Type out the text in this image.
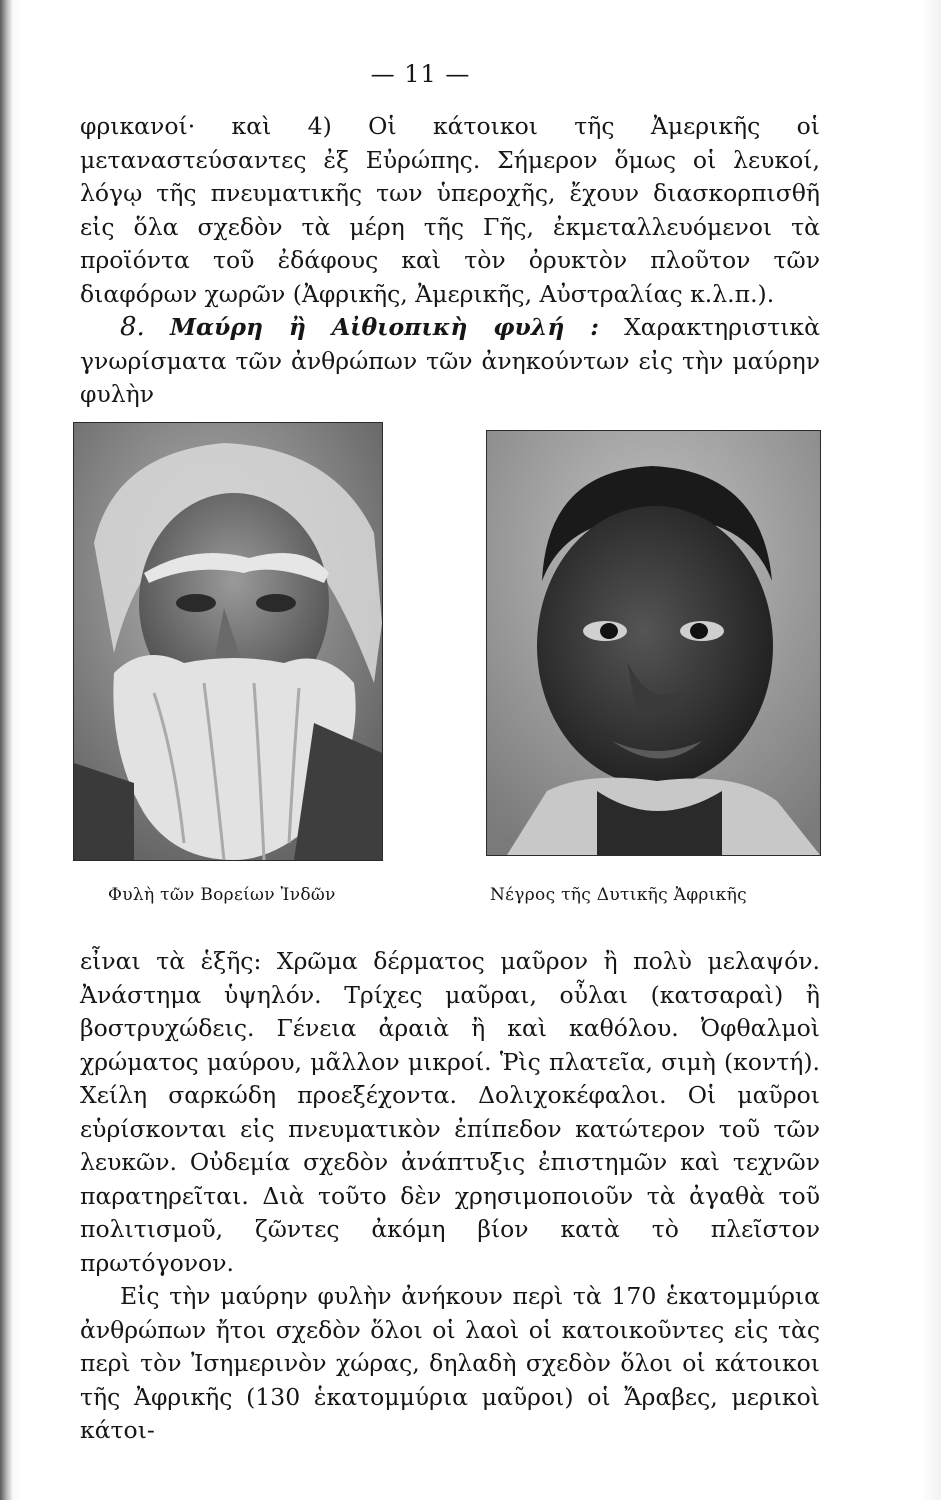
— 11 —

φρικανοί· καὶ 4) Οἱ κάτοικοι τῆς Ἀμερικῆς οἱ μεταναστεύσαντες ἐξ Εὐρώπης. Σήμερον ὅμως οἱ λευκοί, λόγῳ τῆς πνευματικῆς των ὑπεροχῆς, ἔχουν διασκορπισθῆ εἰς ὅλα σχεδὸν τὰ μέρη τῆς Γῆς, ἐκμεταλλευόμενοι τὰ προϊόντα τοῦ ἐδάφους καὶ τὸν ὀρυκτὸν πλοῦτον τῶν διαφόρων χωρῶν (Ἀφρικῆς, Ἀμερικῆς, Αὐστραλίας κ.λ.π.).

8. Μαύρη ἢ Αἰθιοπικὴ φυλή : Χαρακτηριστικὰ γνωρίσματα τῶν ἀνθρώπων τῶν ἀνηκούντων εἰς τὴν μαύρην φυλὴν

Φυλὴ τῶν Βορείων Ἰνδῶν	Νέγρος τῆς Δυτικῆς Ἀφρικῆς

εἶναι τὰ ἑξῆς: Χρῶμα δέρματος μαῦρον ἢ πολὺ μελαψόν. Ἀνάστημα ὑψηλόν. Τρίχες μαῦραι, οὖλαι (κατσαραὶ) ἢ βοστρυχώδεις. Γένεια ἀραιὰ ἢ καὶ καθόλου. Ὀφθαλμοὶ χρώματος μαύρου, μᾶλλον μικροί. Ῥὶς πλατεῖα, σιμὴ (κοντή). Χείλη σαρκώδη προεξέχοντα. Δολιχοκέφαλοι. Οἱ μαῦροι εὑρίσκονται εἰς πνευματικὸν ἐπίπεδον κατώτερον τοῦ τῶν λευκῶν. Οὐδεμία σχεδὸν ἀνάπτυξις ἐπιστημῶν καὶ τεχνῶν παρατηρεῖται. Διὰ τοῦτο δὲν χρησιμοποιοῦν τὰ ἀγαθὰ τοῦ πολιτισμοῦ, ζῶντες ἀκόμη βίον κατὰ τὸ πλεῖστον πρωτόγονον.

Εἰς τὴν μαύρην φυλὴν ἀνήκουν περὶ τὰ 170 ἑκατομμύρια ἀνθρώπων ἤτοι σχεδὸν ὅλοι οἱ λαοὶ οἱ κατοικοῦντες εἰς τὰς περὶ τὸν Ἰσημερινὸν χώρας, δηλαδὴ σχεδὸν ὅλοι οἱ κάτοικοι τῆς Ἀφρικῆς (130 ἑκατομμύρια μαῦροι) οἱ Ἄραβες, μερικοὶ κάτοι-
